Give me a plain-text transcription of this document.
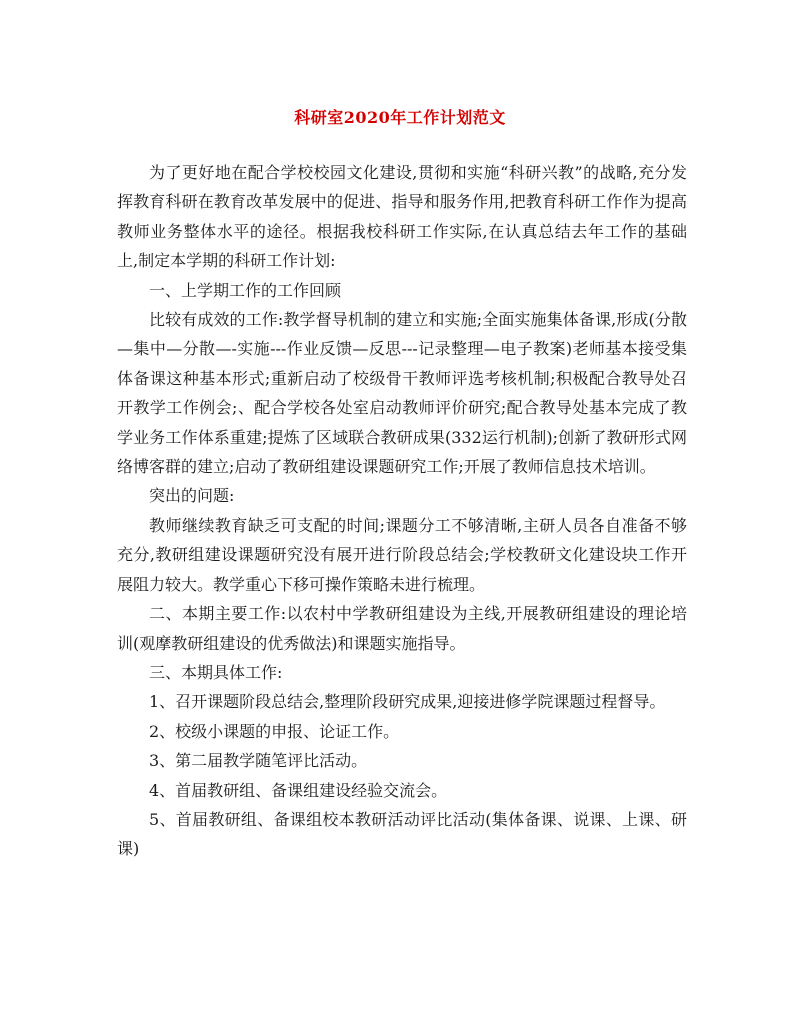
科研室2020年工作计划范文

为了更好地在配合学校校园文化建设,贯彻和实施“科研兴教”的战略,充分发挥教育科研在教育改革发展中的促进、指导和服务作用,把教育科研工作作为提高教师业务整体水平的途径。根据我校科研工作实际,在认真总结去年工作的基础上,制定本学期的科研工作计划:

一、上学期工作的工作回顾

比较有成效的工作:教学督导机制的建立和实施;全面实施集体备课,形成(分散—集中—分散—-实施---作业反馈—反思---记录整理—电子教案)老师基本接受集体备课这种基本形式;重新启动了校级骨干教师评选考核机制;积极配合教导处召开教学工作例会;、配合学校各处室启动教师评价研究;配合教导处基本完成了教学业务工作体系重建;提炼了区域联合教研成果(332运行机制);创新了教研形式网络博客群的建立;启动了教研组建设课题研究工作;开展了教师信息技术培训。

突出的问题:

教师继续教育缺乏可支配的时间;课题分工不够清晰,主研人员各自准备不够充分,教研组建设课题研究没有展开进行阶段总结会;学校教研文化建设块工作开展阻力较大。教学重心下移可操作策略未进行梳理。

二、本期主要工作:以农村中学教研组建设为主线,开展教研组建设的理论培训(观摩教研组建设的优秀做法)和课题实施指导。

三、本期具体工作:

1、召开课题阶段总结会,整理阶段研究成果,迎接进修学院课题过程督导。

2、校级小课题的申报、论证工作。

3、第二届教学随笔评比活动。

4、首届教研组、备课组建设经验交流会。

5、首届教研组、备课组校本教研活动评比活动(集体备课、说课、上课、研课)
